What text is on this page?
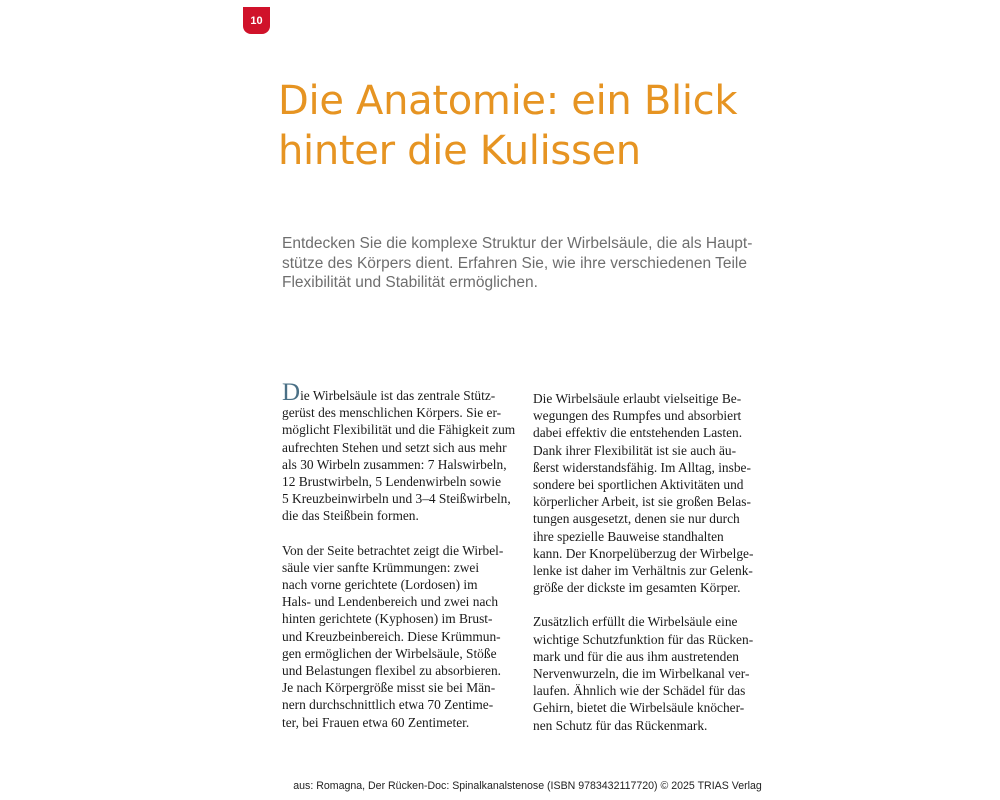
10
Die Anatomie: ein Blick
hinter die Kulissen

Entdecken Sie die komplexe Struktur der Wirbelsäule, die als Haupt-
stütze des Körpers dient. Erfahren Sie, wie ihre verschiedenen Teile
Flexibilität und Stabilität ermöglichen.

Die Wirbelsäule ist das zentrale Stütz-
gerüst des menschlichen Körpers. Sie er-
möglicht Flexibilität und die Fähigkeit zum
aufrechten Stehen und setzt sich aus mehr
als 30 Wirbeln zusammen: 7 Halswirbeln,
12 Brustwirbeln, 5 Lendenwirbeln sowie
5 Kreuzbeinwirbeln und 3–4 Steißwirbeln,
die das Steißbein formen.

Von der Seite betrachtet zeigt die Wirbel-
säule vier sanfte Krümmungen: zwei
nach vorne gerichtete (Lordosen) im
Hals- und Lendenbereich und zwei nach
hinten gerichtete (Kyphosen) im Brust-
und Kreuzbeinbereich. Diese Krümmun-
gen ermöglichen der Wirbelsäule, Stöße
und Belastungen flexibel zu absorbieren.
Je nach Körpergröße misst sie bei Män-
nern durchschnittlich etwa 70 Zentime-
ter, bei Frauen etwa 60 Zentimeter.

Die Wirbelsäule erlaubt vielseitige Be-
wegungen des Rumpfes und absorbiert
dabei effektiv die entstehenden Lasten.
Dank ihrer Flexibilität ist sie auch äu-
ßerst widerstandsfähig. Im Alltag, insbe-
sondere bei sportlichen Aktivitäten und
körperlicher Arbeit, ist sie großen Belas-
tungen ausgesetzt, denen sie nur durch
ihre spezielle Bauweise standhalten
kann. Der Knorpelüberzug der Wirbelge-
lenke ist daher im Verhältnis zur Gelenk-
größe der dickste im gesamten Körper.

Zusätzlich erfüllt die Wirbelsäule eine
wichtige Schutzfunktion für das Rücken-
mark und für die aus ihm austretenden
Nervenwurzeln, die im Wirbelkanal ver-
laufen. Ähnlich wie der Schädel für das
Gehirn, bietet die Wirbelsäule knöcher-
nen Schutz für das Rückenmark.

aus: Romagna, Der Rücken-Doc: Spinalkanalstenose (ISBN 9783432117720) © 2025 TRIAS Verlag
